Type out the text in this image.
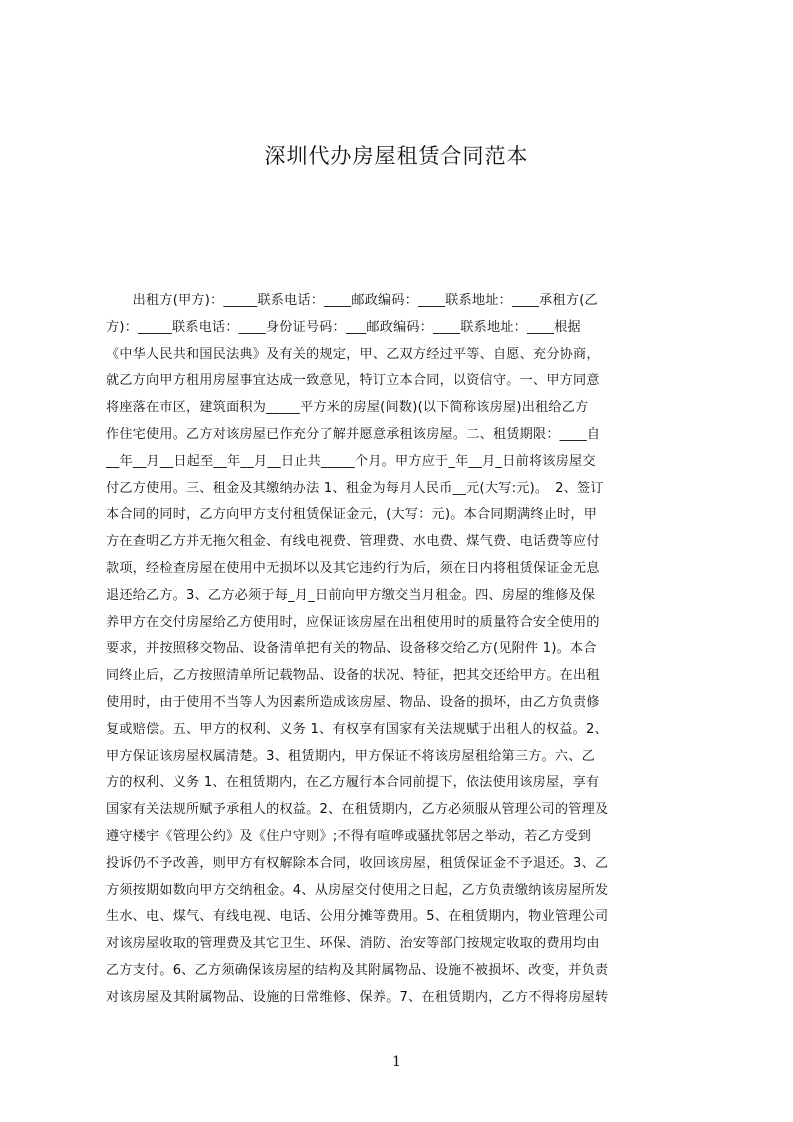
深圳代办房屋租赁合同范本
　　出租方(甲方)：_____联系电话：____邮政编码：____联系地址：____承租方(乙
方)：_____联系电话：____身份证号码：___邮政编码：____联系地址：____根据
《中华人民共和国民法典》及有关的规定，甲、乙双方经过平等、自愿、充分协商，
就乙方向甲方租用房屋事宜达成一致意见，特订立本合同，以资信守。一、甲方同意
将座落在市区，建筑面积为_____平方米的房屋(间数)(以下简称该房屋)出租给乙方
作住宅使用。乙方对该房屋已作充分了解并愿意承租该房屋。二、租赁期限：____自
__年__月__日起至__年__月__日止共_____个月。甲方应于_年__月_日前将该房屋交
付乙方使用。三、租金及其缴纳办法 1、租金为每月人民币__元(大写:元)。　2、签订
本合同的同时，乙方向甲方支付租赁保证金元，(大写：元)。本合同期满终止时，甲
方在查明乙方并无拖欠租金、有线电视费、管理费、水电费、煤气费、电话费等应付
款项，经检查房屋在使用中无损坏以及其它违约行为后，须在日内将租赁保证金无息
退还给乙方。3、乙方必须于每_月_日前向甲方缴交当月租金。四、房屋的维修及保
养甲方在交付房屋给乙方使用时，应保证该房屋在出租使用时的质量符合安全使用的
要求，并按照移交物品、设备清单把有关的物品、设备移交给乙方(见附件 1)。本合
同终止后，乙方按照清单所记载物品、设备的状况、特征，把其交还给甲方。在出租
使用时，由于使用不当等人为因素所造成该房屋、物品、设备的损坏，由乙方负责修
复或赔偿。五、甲方的权利、义务 1、有权享有国家有关法规赋于出租人的权益。2、
甲方保证该房屋权属清楚。3、租赁期内，甲方保证不将该房屋租给第三方。六、乙
方的权利、义务 1、在租赁期内，在乙方履行本合同前提下，依法使用该房屋，享有
国家有关法规所赋予承租人的权益。2、在租赁期内，乙方必须服从管理公司的管理及
遵守楼宇《管理公约》及《住户守则》;不得有喧哗或骚扰邻居之举动，若乙方受到
投诉仍不予改善，则甲方有权解除本合同，收回该房屋，租赁保证金不予退还。3、乙
方须按期如数向甲方交纳租金。4、从房屋交付使用之日起，乙方负责缴纳该房屋所发
生水、电、煤气、有线电视、电话、公用分摊等费用。5、在租赁期内，物业管理公司
对该房屋收取的管理费及其它卫生、环保、消防、治安等部门按规定收取的费用均由
乙方支付。6、乙方须确保该房屋的结构及其附属物品、设施不被损坏、改变，并负责
对该房屋及其附属物品、设施的日常维修、保养。7、在租赁期内，乙方不得将房屋转
1
